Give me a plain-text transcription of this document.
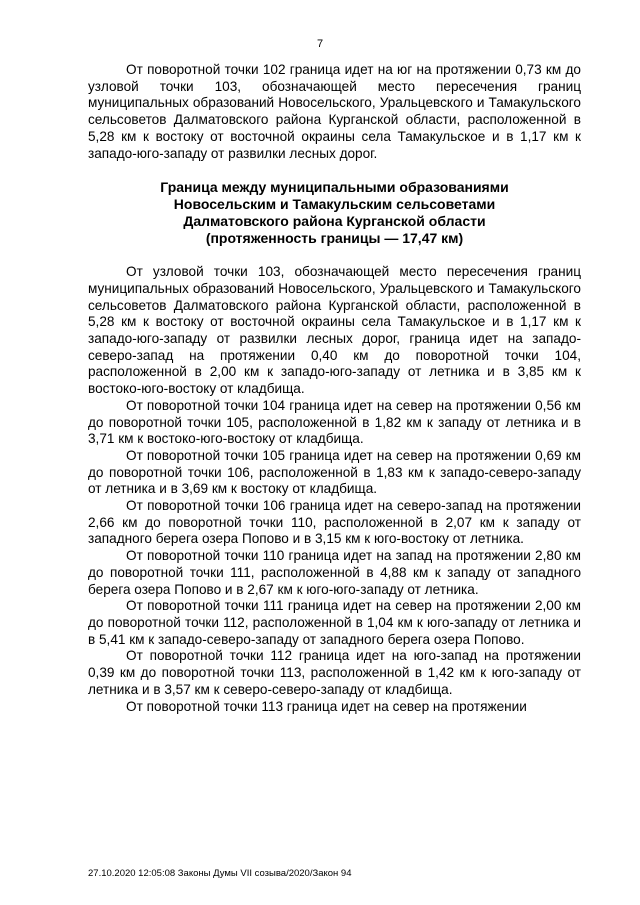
7

От поворотной точки 102 граница идет на юг на протяжении 0,73 км до узловой точки 103, обозначающей место пересечения границ муниципальных образований Новосельского, Уральцевского и Тамакульского сельсоветов Далматовского района Курганской области, расположенной в 5,28 км к востоку от восточной окраины села Тамакульское и в 1,17 км к западо-юго-западу от развилки лесных дорог.

Граница между муниципальными образованиями

Новосельским и Тамакульским сельсоветами

Далматовского района Курганской области

(протяженность границы — 17,47 км)

От узловой точки 103, обозначающей место пересечения границ муниципальных образований Новосельского, Уральцевского и Тамакульского сельсоветов Далматовского района Курганской области, расположенной в 5,28 км к востоку от восточной окраины села Тамакульское и в 1,17 км к западо-юго-западу от развилки лесных дорог, граница идет на западо-северо-запад на протяжении 0,40 км до поворотной точки 104, расположенной в 2,00 км к западо-юго-западу от летника и в 3,85 км к востоко-юго-востоку от кладбища.

От поворотной точки 104 граница идет на север на протяжении 0,56 км до поворотной точки 105, расположенной в 1,82 км к западу от летника и в 3,71 км к востоко-юго-востоку от кладбища.

От поворотной точки 105 граница идет на север на протяжении 0,69 км до поворотной точки 106, расположенной в 1,83 км к западо-северо-западу от летника и в 3,69 км к востоку от кладбища.

От поворотной точки 106 граница идет на северо-запад на протяжении 2,66 км до поворотной точки 110, расположенной в 2,07 км к западу от западного берега озера Попово и в 3,15 км к юго-востоку от летника.

От поворотной точки 110 граница идет на запад на протяжении 2,80 км до поворотной точки 111, расположенной в 4,88 км к западу от западного берега озера Попово и в 2,67 км к юго-юго-западу от летника.

От поворотной точки 111 граница идет на север на протяжении 2,00 км до поворотной точки 112, расположенной в 1,04 км к юго-западу от летника и в 5,41 км к западо-северо-западу от западного берега озера Попово.

От поворотной точки 112 граница идет на юго-запад на протяжении 0,39 км до поворотной точки 113, расположенной в 1,42 км к юго-западу от летника и в 3,57 км к северо-северо-западу от кладбища.

От поворотной точки 113 граница идет на север на протяжении

27.10.2020 12:05:08 Законы Думы VII созыва/2020/Закон 94
